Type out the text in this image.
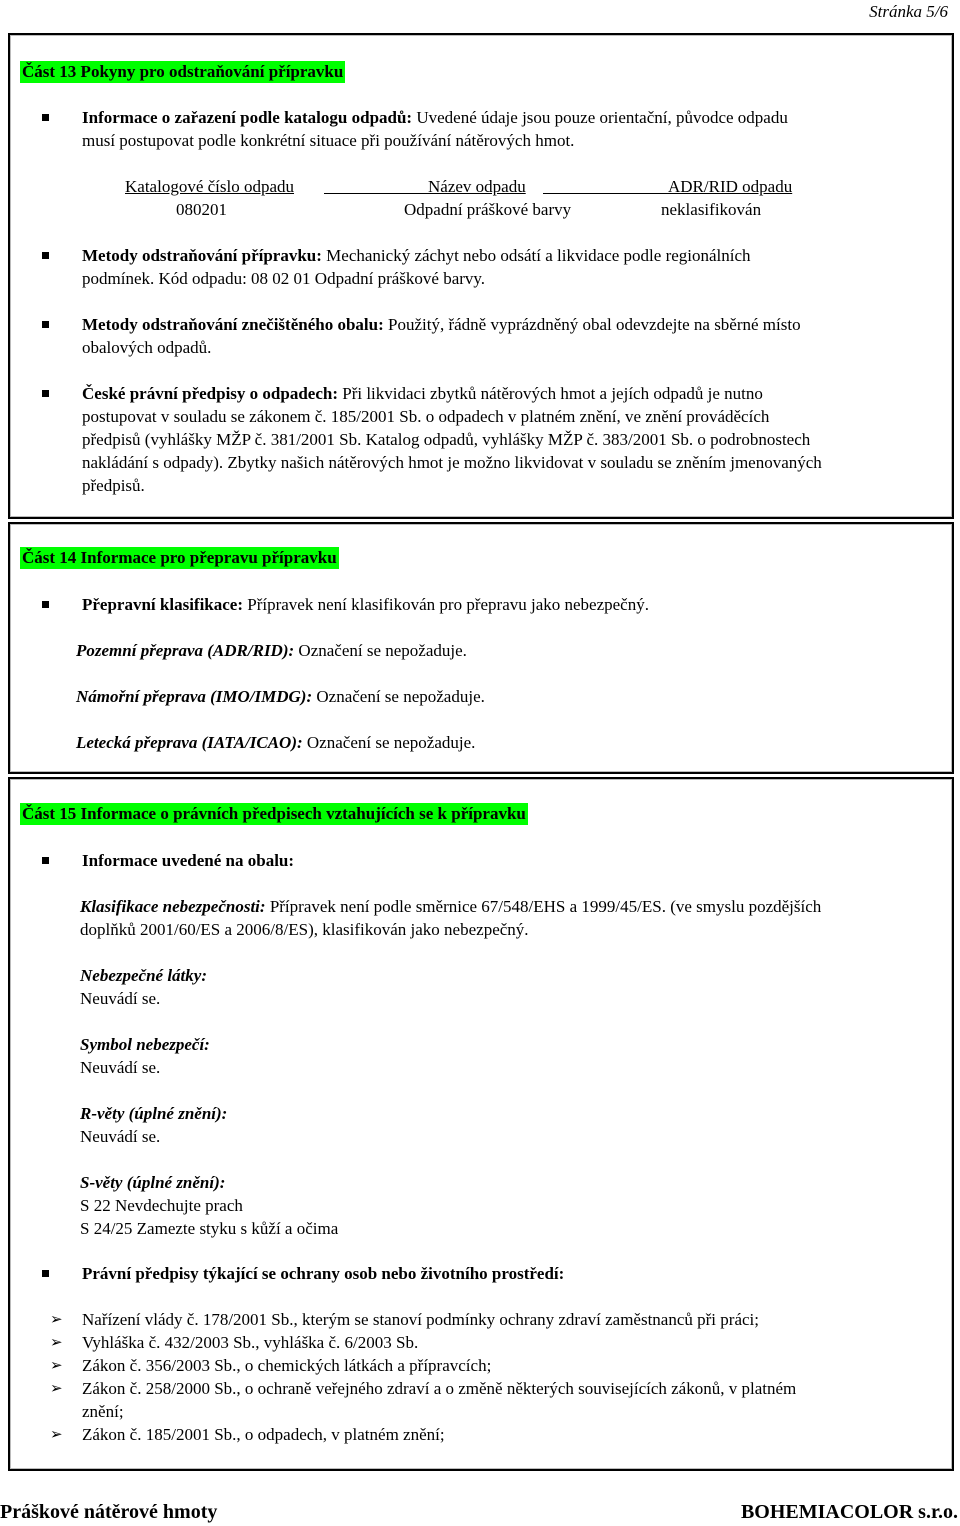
Stránka 5/6
Část 13 Pokyny pro odstraňování přípravku
Informace o zařazení podle katalogu odpadů: Uvedené údaje jsou pouze orientační, původce odpadu
musí postupovat podle konkrétní situace při používání nátěrových hmot.
Katalogové číslo odpadu	Název odpadu	ADR/RID odpadu
080201	Odpadní práškové barvy	neklasifikován
Metody odstraňování přípravku: Mechanický záchyt nebo odsátí a likvidace podle regionálních
podmínek. Kód odpadu: 08 02 01 Odpadní práškové barvy.
Metody odstraňování znečištěného obalu: Použitý, řádně vyprázdněný obal odevzdejte na sběrné místo
obalových odpadů.
České právní předpisy o odpadech: Při likvidaci zbytků nátěrových hmot a jejích odpadů je nutno
postupovat v souladu se zákonem č. 185/2001 Sb. o odpadech v platném znění, ve znění prováděcích
předpisů (vyhlášky MŽP č. 381/2001 Sb. Katalog odpadů, vyhlášky MŽP č. 383/2001 Sb. o podrobnostech
nakládání s odpady). Zbytky našich nátěrových hmot je možno likvidovat v souladu se zněním jmenovaných
předpisů.
Část 14 Informace pro přepravu přípravku
Přepravní klasifikace: Přípravek není klasifikován pro přepravu jako nebezpečný.
Pozemní přeprava (ADR/RID): Označení se nepožaduje.
Námořní přeprava (IMO/IMDG): Označení se nepožaduje.
Letecká přeprava (IATA/ICAO): Označení se nepožaduje.
Část 15 Informace o právních předpisech vztahujících se k přípravku
Informace uvedené na obalu:
Klasifikace nebezpečnosti: Přípravek není podle směrnice 67/548/EHS a 1999/45/ES. (ve smyslu pozdějších
doplňků 2001/60/ES a 2006/8/ES), klasifikován jako nebezpečný.
Nebezpečné látky:
Neuvádí se.
Symbol nebezpečí:
Neuvádí se.
R-věty (úplné znění):
Neuvádí se.
S-věty (úplné znění):
S 22 Nevdechujte prach
S 24/25 Zamezte styku s kůží a očima
Právní předpisy týkající se ochrany osob nebo životního prostředí:
➢ Nařízení vlády č. 178/2001 Sb., kterým se stanoví podmínky ochrany zdraví zaměstnanců při práci;
➢ Vyhláška č. 432/2003 Sb., vyhláška č. 6/2003 Sb.
➢ Zákon č. 356/2003 Sb., o chemických látkách a přípravcích;
➢ Zákon č. 258/2000 Sb., o ochraně veřejného zdraví a o změně některých souvisejících zákonů, v platném
znění;
➢ Zákon č. 185/2001 Sb., o odpadech, v platném znění;
Práškové nátěrové hmoty	BOHEMIACOLOR s.r.o.
